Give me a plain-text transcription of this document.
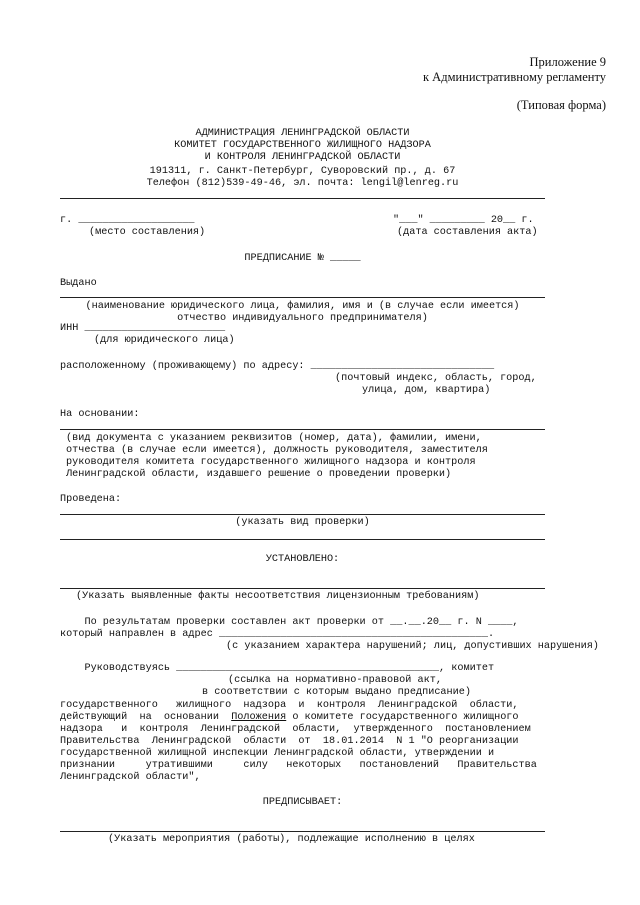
Приложение 9
к Административному регламенту
(Типовая форма)
АДМИНИСТРАЦИЯ ЛЕНИНГРАДСКОЙ ОБЛАСТИ
КОМИТЕТ ГОСУДАРСТВЕННОГО ЖИЛИЩНОГО НАДЗОРА
И КОНТРОЛЯ ЛЕНИНГРАДСКОЙ ОБЛАСТИ
191311, г. Санкт-Петербург, Суворовский пр., д. 67
Телефон (812)539-49-46, эл. почта: lengil@lenreg.ru
г. ___________________	"___" _________ 20__ г.
(место составления)	(дата составления акта)
ПРЕДПИСАНИЕ № _____
Выдано
(наименование юридического лица, фамилия, имя и (в случае если имеется)
отчество индивидуального предпринимателя)
ИНН _______________________
(для юридического лица)
расположенному (проживающему) по адресу: ______________________________
(почтовый индекс, область, город,
улица, дом, квартира)
На основании:
(вид документа с указанием реквизитов (номер, дата), фамилии, имени,
отчества (в случае если имеется), должность руководителя, заместителя
руководителя комитета государственного жилищного надзора и контроля
Ленинградской области, издавшего решение о проведении проверки)
Проведена:
(указать вид проверки)
УСТАНОВЛЕНО:
(Указать выявленные факты несоответствия лицензионным требованиям)
По результатам проверки составлен акт проверки от __.__.20__ г. N ____,
который направлен в адрес ____________________________________________.
(с указанием характера нарушений; лиц, допустивших нарушения)
Руководствуясь ___________________________________________, комитет
(ссылка на нормативно-правовой акт,
в соответствии с которым выдано предписание)
государственного   жилищного  надзора  и  контроля  Ленинградской  области,
действующий  на  основании  Положения о комитете государственного жилищного
надзора   и  контроля  Ленинградской  области,  утвержденного  постановлением
Правительства  Ленинградской  области  от  18.01.2014  N 1 "О реорганизации
государственной жилищной инспекции Ленинградской области, утверждении и
признании     утратившими     силу   некоторых   постановлений   Правительства
Ленинградской области",
ПРЕДПИСЫВАЕТ:
(Указать мероприятия (работы), подлежащие исполнению в целях
